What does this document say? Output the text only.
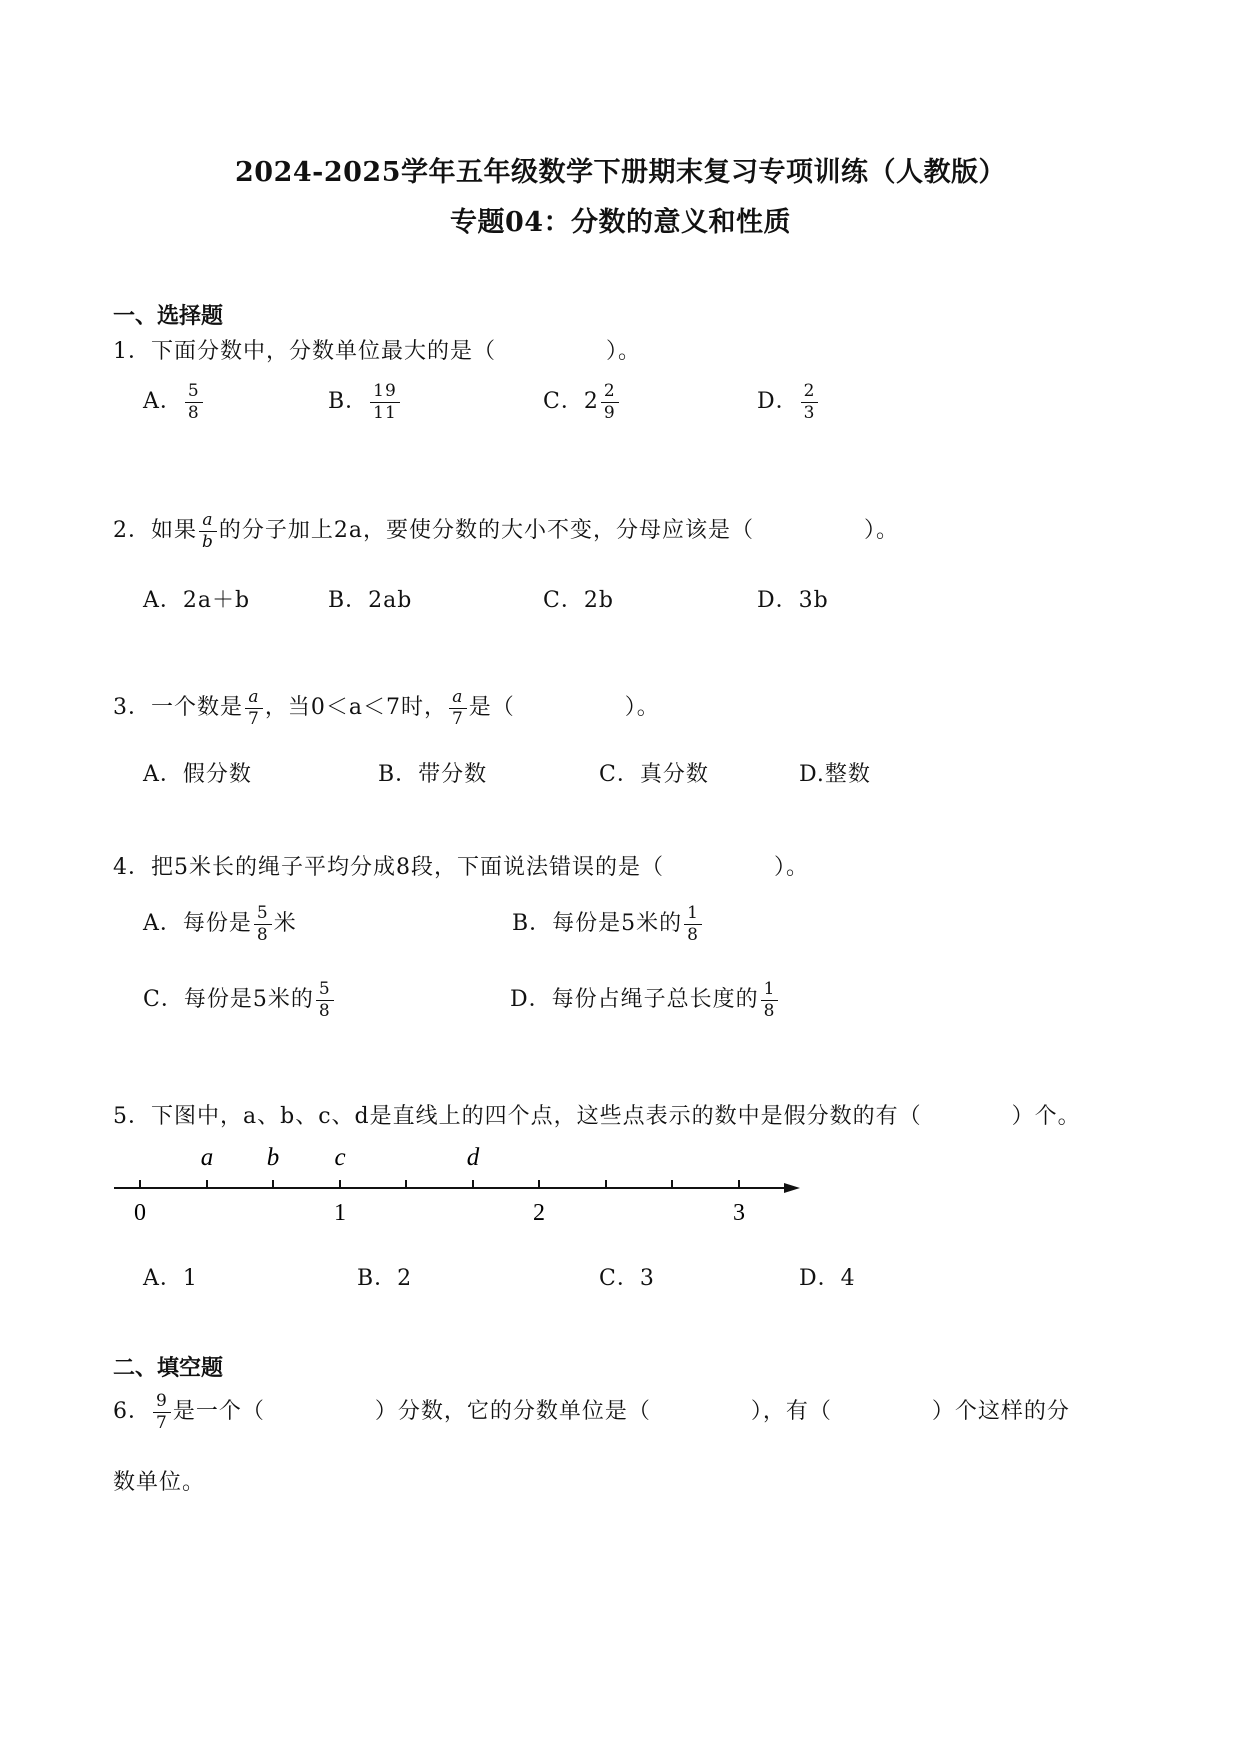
2024-2025学年五年级数学下册期末复习专项训练（人教版）
专题04：分数的意义和性质
一、选择题
1．下面分数中，分数单位最大的是（	）。
A． $\frac{5}{8}$	B． $\frac{19}{11}$	C．$2 \frac{2}{9}$	D． $\frac{2}{3}$
2．如果 $\frac{a}{b}$ 的分子加上2a，要使分数的大小不变，分母应该是（	）。
A．2a＋b	B．2ab	C．2b	D．3b
3．一个数是 $\frac{a}{7}$ ，当0＜a＜7时， $\frac{a}{7}$ 是（	）。
A．假分数	B．带分数	C．真分数	D.整数
4．把5米长的绳子平均分成8段，下面说法错误的是（	）。
A．每份是 $\frac{5}{8}$ 米	B．每份是5米的 $\frac{1}{8}$
C．每份是5米的 $\frac{5}{8}$	D．每份占绳子总长度的 $\frac{1}{8}$
5．下图中，a、b、c、d是直线上的四个点，这些点表示的数中是假分数的有（	）个。
a b c	d
0	1	2	3
A．1	B．2	C．3	D．4
二、填空题
6． $\frac{9}{7}$ 是一个（	）分数，它的分数单位是（	），有（	）个这样的分
数单位。
